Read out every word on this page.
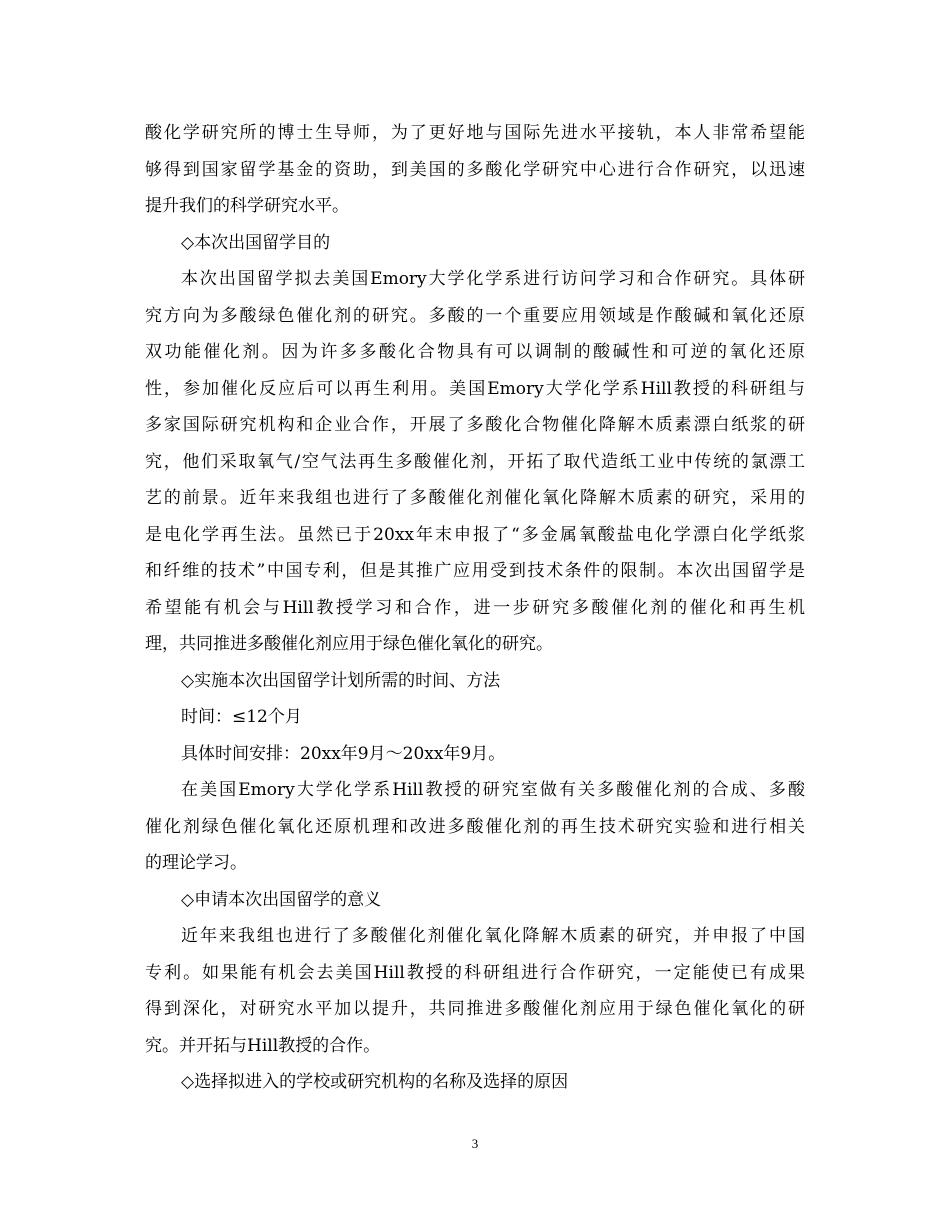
酸化学研究所的博士生导师，为了更好地与国际先进水平接轨，本人非常希望能
够得到国家留学基金的资助，到美国的多酸化学研究中心进行合作研究，以迅速
提升我们的科学研究水平。
◇本次出国留学目的
本次出国留学拟去美国Emory大学化学系进行访问学习和合作研究。具体研
究方向为多酸绿色催化剂的研究。多酸的一个重要应用领域是作酸碱和氧化还原
双功能催化剂。因为许多多酸化合物具有可以调制的酸碱性和可逆的氧化还原
性，参加催化反应后可以再生利用。美国Emory大学化学系Hill教授的科研组与
多家国际研究机构和企业合作，开展了多酸化合物催化降解木质素漂白纸浆的研
究，他们采取氧气/空气法再生多酸催化剂，开拓了取代造纸工业中传统的氯漂工
艺的前景。近年来我组也进行了多酸催化剂催化氧化降解木质素的研究，采用的
是电化学再生法。虽然已于20xx年末申报了“多金属氧酸盐电化学漂白化学纸浆
和纤维的技术”中国专利，但是其推广应用受到技术条件的限制。本次出国留学是
希望能有机会与Hill教授学习和合作，进一步研究多酸催化剂的催化和再生机
理，共同推进多酸催化剂应用于绿色催化氧化的研究。
◇实施本次出国留学计划所需的时间、方法
时间：≤12个月
具体时间安排：20xx年9月～20xx年9月。
在美国Emory大学化学系Hill教授的研究室做有关多酸催化剂的合成、多酸
催化剂绿色催化氧化还原机理和改进多酸催化剂的再生技术研究实验和进行相关
的理论学习。
◇申请本次出国留学的意义
近年来我组也进行了多酸催化剂催化氧化降解木质素的研究，并申报了中国
专利。如果能有机会去美国Hill教授的科研组进行合作研究，一定能使已有成果
得到深化，对研究水平加以提升，共同推进多酸催化剂应用于绿色催化氧化的研
究。并开拓与Hill教授的合作。
◇选择拟进入的学校或研究机构的名称及选择的原因
3
